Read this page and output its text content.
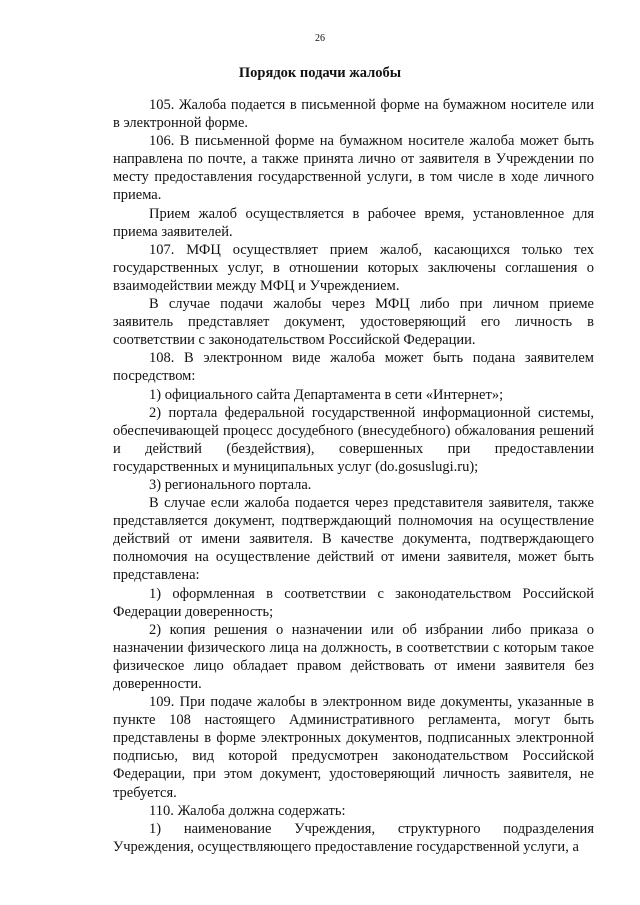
26
Порядок подачи жалобы

105. Жалоба подается в письменной форме на бумажном носителе или в электронной форме.

106. В письменной форме на бумажном носителе жалоба может быть направлена по почте, а также принята лично от заявителя в Учреждении по месту предоставления государственной услуги, в том числе в ходе личного приема.

Прием жалоб осуществляется в рабочее время, установленное для приема заявителей.

107. МФЦ осуществляет прием жалоб, касающихся только тех государственных услуг, в отношении которых заключены соглашения о взаимодействии между МФЦ и Учреждением.

В случае подачи жалобы через МФЦ либо при личном приеме заявитель представляет документ, удостоверяющий его личность в соответствии с законодательством Российской Федерации.

108. В электронном виде жалоба может быть подана заявителем посредством:

1) официального сайта Департамента в сети «Интернет»;

2) портала федеральной государственной информационной системы, обеспечивающей процесс досудебного (внесудебного) обжалования решений и действий (бездействия), совершенных при предоставлении государственных и муниципальных услуг (do.gosuslugi.ru);

3) регионального портала.

В случае если жалоба подается через представителя заявителя, также представляется документ, подтверждающий полномочия на осуществление действий от имени заявителя. В качестве документа, подтверждающего полномочия на осуществление действий от имени заявителя, может быть представлена:

1) оформленная в соответствии с законодательством Российской Федерации доверенность;

2) копия решения о назначении или об избрании либо приказа о назначении физического лица на должность, в соответствии с которым такое физическое лицо обладает правом действовать от имени заявителя без доверенности.

109. При подаче жалобы в электронном виде документы, указанные в пункте 108 настоящего Административного регламента, могут быть представлены в форме электронных документов, подписанных электронной подписью, вид которой предусмотрен законодательством Российской Федерации, при этом документ, удостоверяющий личность заявителя, не требуется.

110. Жалоба должна содержать:

1) наименование Учреждения, структурного подразделения Учреждения, осуществляющего предоставление государственной услуги, а
